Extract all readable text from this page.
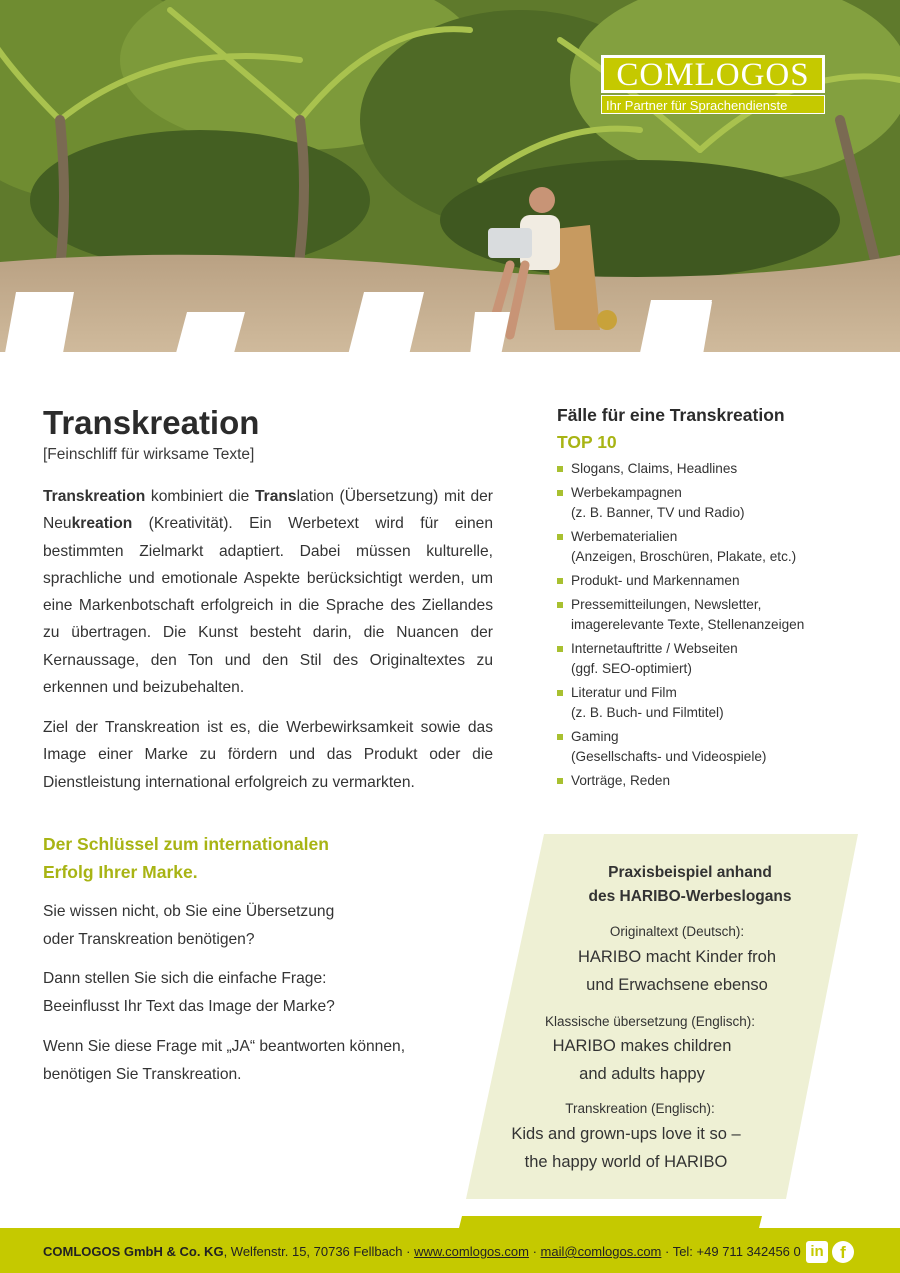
COMLOGOS
Ihr Partner für Sprachendienste
Transkreation
[Feinschliff für wirksame Texte]

Transkreation kombiniert die Translation (Übersetzung) mit der Neukreation (Kreativität). Ein Werbetext wird für einen bestimmten Zielmarkt adaptiert. Dabei müssen kulturelle, sprachliche und emotionale Aspekte berücksichtigt werden, um eine Markenbotschaft erfolgreich in die Sprache des Ziellandes zu übertragen. Die Kunst besteht darin, die Nuancen der Kernaussage, den Ton und den Stil des Originaltextes zu erkennen und beizubehalten.

Ziel der Transkreation ist es, die Werbewirksamkeit sowie das Image einer Marke zu fördern und das Produkt oder die Dienstleistung international erfolgreich zu vermarkten.

Der Schlüssel zum internationalen
Erfolg Ihrer Marke.
Sie wissen nicht, ob Sie eine Übersetzung
oder Transkreation benötigen?
Dann stellen Sie sich die einfache Frage:
Beeinflusst Ihr Text das Image der Marke?
Wenn Sie diese Frage mit „JA“ beantworten können,
benötigen Sie Transkreation.
Fälle für eine Transkreation
TOP 10
Slogans, Claims, Headlines
Werbekampagnen
(z. B. Banner, TV und Radio)
Werbematerialien
(Anzeigen, Broschüren, Plakate, etc.)
Produkt- und Markennamen
Pressemitteilungen, Newsletter,
imagerelevante Texte, Stellenanzeigen
Internetauftritte / Webseiten
(ggf. SEO-optimiert)
Literatur und Film
(z. B. Buch- und Filmtitel)
Gaming
(Gesellschafts- und Videospiele)
Vorträge, Reden
Praxisbeispiel anhand
des HARIBO-Werbeslogans
Originaltext (Deutsch):
HARIBO macht Kinder froh
und Erwachsene ebenso
Klassische übersetzung (Englisch):
HARIBO makes children
and adults happy
Transkreation (Englisch):
Kids and grown-ups love it so –
the happy world of HARIBO
COMLOGOS GmbH & Co. KG, Welfenstr. 15, 70736 Fellbach · www.comlogos.com · mail@comlogos.com · Tel: +49 711 342456 0 in f
